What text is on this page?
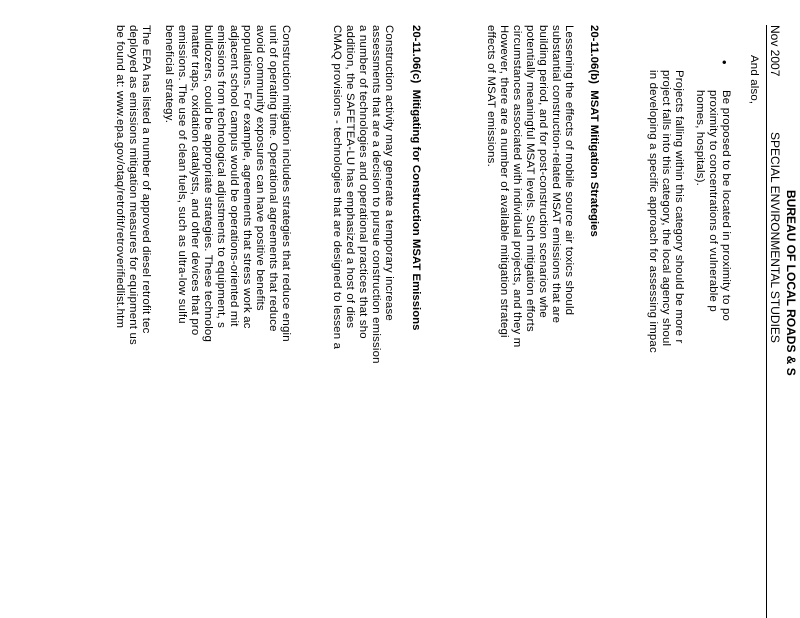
BUREAU OF LOCAL ROADS & S
SPECIAL ENVIRONMENTAL STUDIES
Nov 2007
And also,
•
Be proposed to be located in proximity to po
proximity to concentrations of vulnerable p
homes, hospitals).
Projects falling within this category should be more r
project falls into this category, the local agency shoul
in developing a specific approach for assessing impac
20-11.06(b)  MSAT Mitigation Strategies
Lessening the effects of mobile source air toxics should
substantial construction-related MSAT emissions that are
building period, and for post-construction scenarios whe
potentially meaningful MSAT levels. Such mitigation efforts
circumstances associated with individual projects, and they m
However, there are a number of available mitigation strategi
effects of MSAT emissions.
20-11.06(c)  Mitigating for Construction MSAT Emissions
Construction activity may generate a temporary increase
assessments that are a decision to pursue construction emission
a number of technologies and operational practices that sho
addition, the SAFETEA-LU has emphasized a host of dies
CMAQ provisions - technologies that are designed to lessen a
Construction mitigation includes strategies that reduce engin
unit of operating time. Operational agreements that reduce
avoid community exposures can have positive benefits
populations. For example, agreements that stress work ac
adjacent school campus would be operations-oriented mit
emissions from technological adjustments to equipment, s
bulldozers, could be appropriate strategies. These technolog
matter traps, oxidation catalysts, and other devices that pro
emissions. The use of clean fuels, such as ultra-low sulfu
beneficial strategy.
The EPA has listed a number of approved diesel retrofit tec
deployed as emissions mitigation measures for equipment us
be found at: www.epa.gov/otaq/retrofit/retroverifiedlist.htm
